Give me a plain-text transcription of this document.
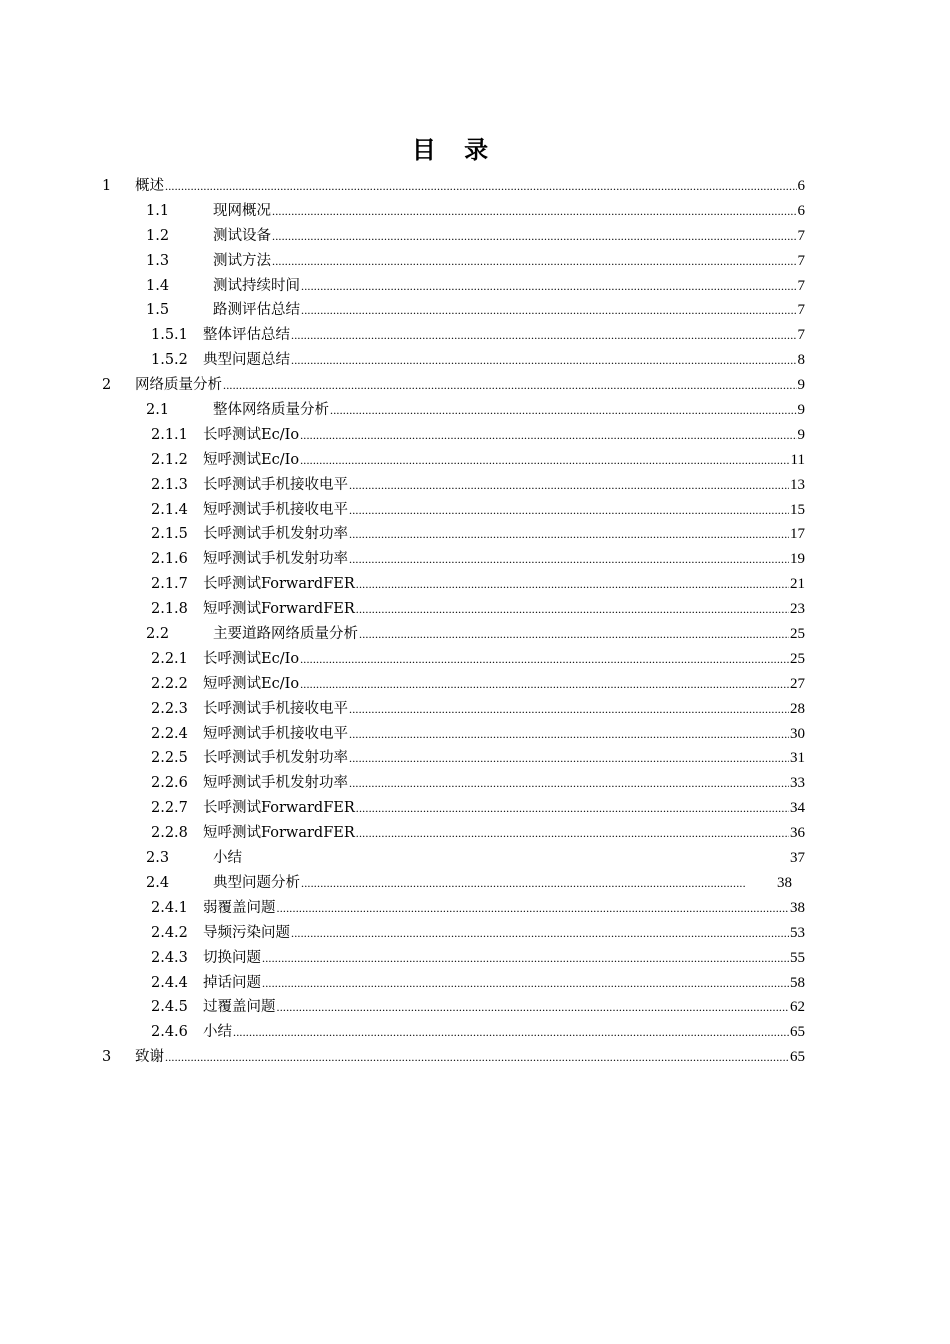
目 录
1 概述 .....	6
1.1	现网概况 .....	6
1.2	测试设备 .....	7
1.3	测试方法 .....	7
1.4	测试持续时间 .....	7
1.5	路测评估总结 .....	7
1.5.1 整体评估总结 .....	7
1.5.2 典型问题总结 .....	8
2 网络质量分析 .....	9
2.1	整体网络质量分析 .....	9
2.1.1 长呼测试Ec/Io .....	9
2.1.2 短呼测试Ec/Io .....	11
2.1.3 长呼测试手机接收电平 .....	13
2.1.4 短呼测试手机接收电平 .....	15
2.1.5 长呼测试手机发射功率 .....	17
2.1.6 短呼测试手机发射功率 .....	19
2.1.7 长呼测试ForwardFER .....	21
2.1.8 短呼测试ForwardFER .....	23
2.2	主要道路网络质量分析 .....	25
2.2.1 长呼测试Ec/Io .....	25
2.2.2 短呼测试Ec/Io .....	27
2.2.3 长呼测试手机接收电平 .....	28
2.2.4 短呼测试手机接收电平 .....	30
2.2.5 长呼测试手机发射功率 .....	31
2.2.6 短呼测试手机发射功率 .....	33
2.2.7 长呼测试ForwardFER .....	34
2.2.8 短呼测试ForwardFER .....	36
2.3	小结	37
2.4	典型问题分析 .....	38
2.4.1 弱覆盖问题 .....	38
2.4.2 导频污染问题 .....	53
2.4.3 切换问题 .....	55
2.4.4 掉话问题 .....	58
2.4.5 过覆盖问题 .....	62
2.4.6 小结 .....	65
3 致谢 .....	65
